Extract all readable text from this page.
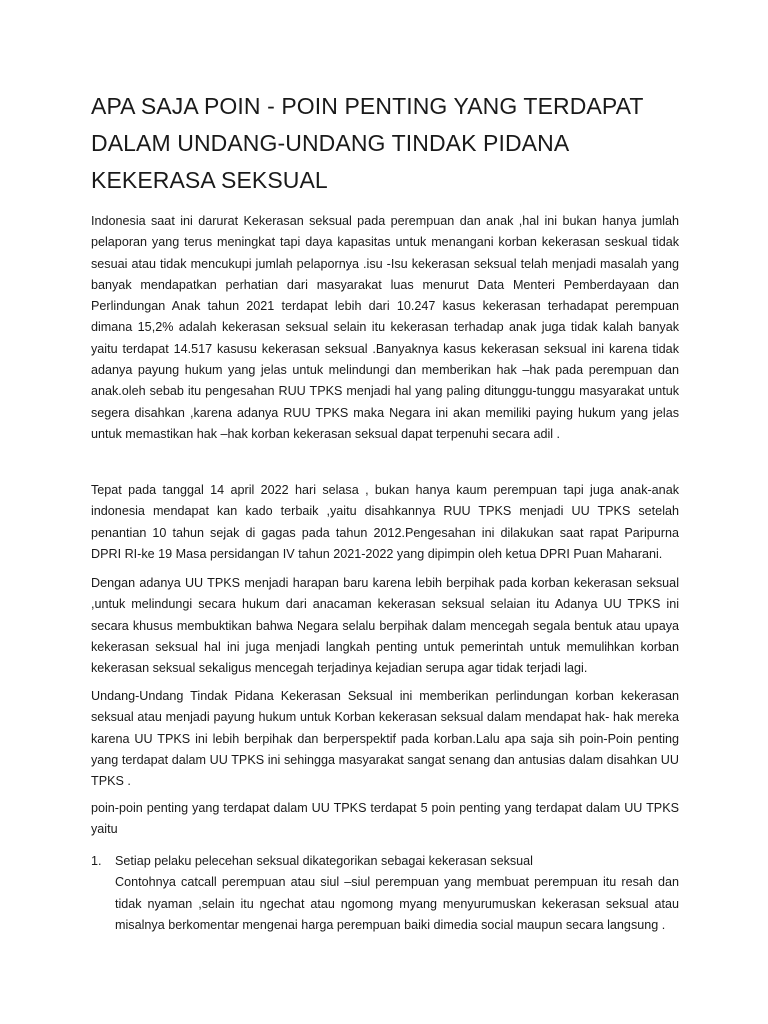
APA SAJA POIN - POIN PENTING YANG TERDAPAT DALAM UNDANG-UNDANG TINDAK PIDANA KEKERASA SEKSUAL

Indonesia saat ini darurat Kekerasan seksual pada perempuan dan anak ,hal ini bukan hanya jumlah pelaporan yang terus meningkat tapi daya kapasitas untuk menangani korban kekerasan seskual tidak sesuai atau tidak mencukupi jumlah pelapornya .isu -Isu kekerasan seksual telah menjadi masalah yang banyak mendapatkan perhatian dari masyarakat luas menurut Data Menteri Pemberdayaan dan Perlindungan Anak tahun 2021 terdapat lebih dari 10.247 kasus kekerasan terhadapat perempuan dimana 15,2% adalah kekerasan seksual selain itu kekerasan terhadap anak juga tidak kalah banyak yaitu terdapat 14.517 kasusu kekerasan seksual .Banyaknya kasus kekerasan seksual ini karena tidak adanya payung hukum yang jelas untuk melindungi dan memberikan hak –hak pada perempuan dan anak.oleh sebab itu pengesahan RUU TPKS menjadi hal yang paling ditunggu-tunggu masyarakat untuk segera disahkan ,karena adanya RUU TPKS maka Negara ini akan memiliki paying hukum yang jelas untuk memastikan hak –hak korban kekerasan seksual dapat terpenuhi secara adil .

Tepat pada tanggal 14 april 2022 hari selasa , bukan hanya kaum perempuan tapi juga anak-anak indonesia mendapat kan kado terbaik ,yaitu disahkannya RUU TPKS menjadi UU TPKS setelah penantian 10 tahun sejak di gagas pada tahun 2012.Pengesahan ini dilakukan saat rapat Paripurna DPRI RI-ke 19 Masa persidangan IV tahun 2021-2022 yang dipimpin oleh ketua DPRI Puan Maharani.

Dengan adanya UU TPKS menjadi harapan baru karena lebih berpihak pada korban kekerasan seksual ,untuk melindungi secara hukum dari anacaman kekerasan seksual selaian itu Adanya UU TPKS ini secara khusus membuktikan bahwa Negara selalu berpihak dalam mencegah segala bentuk atau upaya kekerasan seksual hal ini juga menjadi langkah penting untuk pemerintah untuk memulihkan korban kekerasan seksual sekaligus mencegah terjadinya kejadian serupa agar tidak terjadi lagi.

Undang-Undang Tindak Pidana Kekerasan Seksual ini memberikan perlindungan korban kekerasan seksual atau menjadi payung hukum untuk Korban kekerasan seksual dalam mendapat hak- hak mereka karena UU TPKS ini lebih berpihak dan berperspektif pada korban.Lalu apa saja sih poin-Poin penting yang terdapat dalam UU TPKS ini sehingga masyarakat sangat senang dan antusias dalam disahkan UU TPKS .

poin-poin penting yang terdapat dalam UU TPKS terdapat 5 poin penting yang terdapat dalam UU TPKS yaitu

1. Setiap pelaku pelecehan seksual dikategorikan sebagai kekerasan seksual
Contohnya catcall perempuan atau siul –siul perempuan yang membuat perempuan itu resah dan tidak nyaman ,selain itu ngechat atau ngomong myang menyurumuskan kekerasan seksual atau misalnya berkomentar mengenai harga perempuan baiki dimedia social maupun secara langsung .
